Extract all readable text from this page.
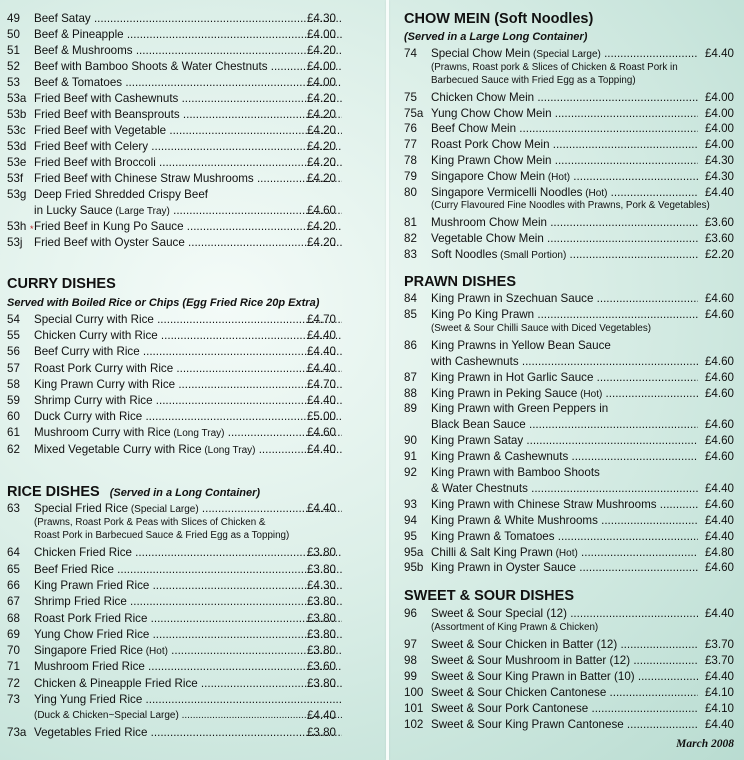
*
CURRY DISHES
Served with Boiled Rice or Chips (Egg Fried Rice 20p Extra)
RICE DISHES (Served in a Long Container)
49 Beef Satay .....	£4.30
50 Beef & Pineapple .....	£4.00
51 Beef & Mushrooms .....	£4.20
52 Beef with Bamboo Shoots & Water Chestnuts .....	£4.00
53 Beef & Tomatoes .....	£4.00
53a Fried Beef with Cashewnuts .....	£4.20
53b Fried Beef with Beansprouts .....	£4.20
53c Fried Beef with Vegetable .....	£4.20
53d Fried Beef with Celery .....	£4.20
53e Fried Beef with Broccoli .....	£4.20
53f Fried Beef with Chinese Straw Mushrooms .....	£4.20
53g Deep Fried Shredded Crispy Beef
in Lucky Sauce (Large Tray) .....	£4.60
53h Fried Beef in Kung Po Sauce .....	£4.20
53j Fried Beef with Oyster Sauce .....	£4.20
54 Special Curry with Rice .....	£4.70
55 Chicken Curry with Rice .....	£4.40
56 Beef Curry with Rice .....	£4.40
57 Roast Pork Curry with Rice .....	£4.40
58 King Prawn Curry with Rice .....	£4.70
59 Shrimp Curry with Rice .....	£4.40
60 Duck Curry with Rice .....	£5.00
61 Mushroom Curry with Rice (Long Tray) .....	£4.60
62 Mixed Vegetable Curry with Rice (Long Tray) .....	£4.40
63 Special Fried Rice (Special Large) .....	£4.40
(Prawns, Roast Pork & Peas with Slices of Chicken &
Roast Pork in Barbecued Sauce & Fried Egg as a Topping)
64 Chicken Fried Rice .....	£3.80
65 Beef Fried Rice .....	£3.80
66 King Prawn Fried Rice .....	£4.30
67 Shrimp Fried Rice .....	£3.80
68 Roast Pork Fried Rice .....	£3.80
69 Yung Chow Fried Rice .....	£3.80
70 Singapore Fried Rice (Hot) .....	£3.80
71 Mushroom Fried Rice .....	£3.60
72 Chicken & Pineapple Fried Rice .....	£3.80
73 Ying Yung Fried Rice .....
(Duck & Chicken~Special Large) .....	£4.40
73a Vegetables Fried Rice .....	£3.80
CHOW MEIN (Soft Noodles)
(Served in a Large Long Container)
PRAWN DISHES
SWEET & SOUR DISHES
March 2008
74 Special Chow Mein (Special Large) .....	£4.40
(Prawns, Roast pork & Slices of Chicken & Roast Pork in
Barbecued Sauce with Fried Egg as a Topping)
75 Chicken Chow Mein .....	£4.00
75a Yung Chow Chow Mein .....	£4.00
76 Beef Chow Mein .....	£4.00
77 Roast Pork Chow Mein .....	£4.00
78 King Prawn Chow Mein .....	£4.30
79 Singapore Chow Mein (Hot) .....	£4.30
80 Singapore Vermicelli Noodles (Hot) .....	£4.40
(Curry Flavoured Fine Noodles with Prawns, Pork & Vegetables)
81 Mushroom Chow Mein .....	£3.60
82 Vegetable Chow Mein .....	£3.60
83 Soft Noodles (Small Portion) .....	£2.20
84 King Prawn in Szechuan Sauce .....	£4.60
85 King Po King Prawn .....	£4.60
(Sweet & Sour Chilli Sauce with Diced Vegetables)
86 King Prawns in Yellow Bean Sauce
with Cashewnuts .....	£4.60
87 King Prawn in Hot Garlic Sauce .....	£4.60
88 King Prawn in Peking Sauce (Hot) .....	£4.60
89 King Prawn with Green Peppers in
Black Bean Sauce .....	£4.60
90 King Prawn Satay .....	£4.60
91 King Prawn & Cashewnuts .....	£4.60
92 King Prawn with Bamboo Shoots
& Water Chestnuts .....	£4.40
93 King Prawn with Chinese Straw Mushrooms .....	£4.60
94 King Prawn & White Mushrooms .....	£4.40
95 King Prawn & Tomatoes .....	£4.40
95a Chilli & Salt King Prawn (Hot) .....	£4.80
95b King Prawn in Oyster Sauce .....	£4.60
96 Sweet & Sour Special (12) .....	£4.40
(Assortment of King Prawn & Chicken)
97 Sweet & Sour Chicken in Batter (12) .....	£3.70
98 Sweet & Sour Mushroom in Batter (12) .....	£3.70
99 Sweet & Sour King Prawn in Batter (10) .....	£4.40
100 Sweet & Sour Chicken Cantonese .....	£4.10
101 Sweet & Sour Pork Cantonese .....	£4.10
102 Sweet & Sour King Prawn Cantonese .....	£4.40
